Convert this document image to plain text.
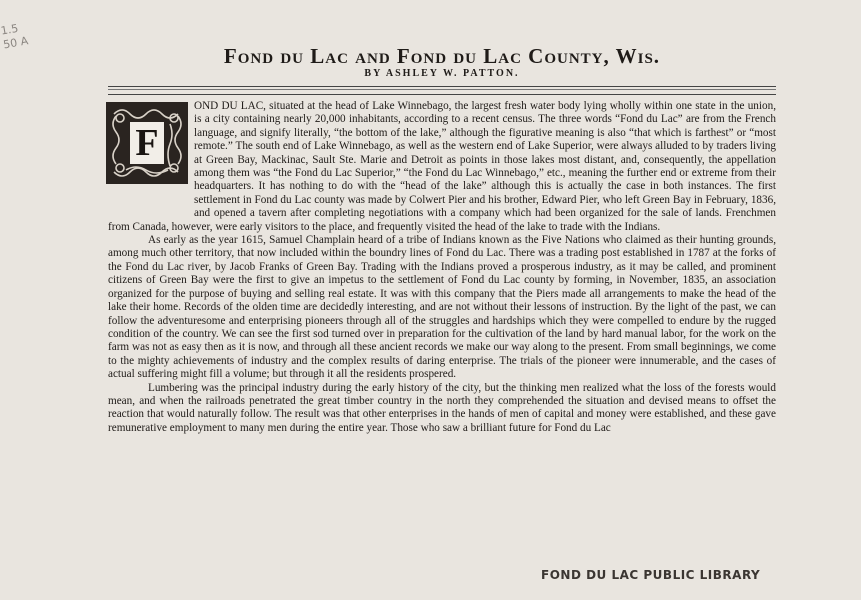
1.5 50 A
Fond du Lac and Fond du Lac County, Wis.
BY ASHLEY W. PATTON.
F

OND DU LAC, situated at the head of Lake Winnebago, the largest fresh water body lying wholly within one state in the union, is a city containing nearly 20,000 inhabitants, according to a recent census. The three words “Fond du Lac” are from the French language, and signify literally, “the bottom of the lake,” although the figurative meaning is also “that which is farthest” or “most remote.” The south end of Lake Winnebago, as well as the western end of Lake Superior, were always alluded to by traders living at Green Bay, Mackinac, Sault Ste. Marie and Detroit as points in those lakes most distant, and, consequently, the appellation among them was “the Fond du Lac Superior,” “the Fond du Lac Winnebago,” etc., meaning the further end or extreme from their headquarters. It has nothing to do with the “head of the lake” although this is actually the case in both instances. The first settlement in Fond du Lac county was made by Colwert Pier and his brother, Edward Pier, who left Green Bay in February, 1836, and opened a tavern after completing negotiations with a company which had been organized for the sale of lands. Frenchmen from Canada, however, were early visitors to the place, and frequently visited the head of the lake to trade with the Indians.

As early as the year 1615, Samuel Champlain heard of a tribe of Indians known as the Five Nations who claimed as their hunting grounds, among much other territory, that now included within the boundry lines of Fond du Lac. There was a trading post established in 1787 at the forks of the Fond du Lac river, by Jacob Franks of Green Bay. Trading with the Indians proved a prosperous industry, as it may be called, and prominent citizens of Green Bay were the first to give an impetus to the settlement of Fond du Lac county by forming, in November, 1835, an association organized for the purpose of buying and selling real estate. It was with this company that the Piers made all arrangements to make the head of the lake their home. Records of the olden time are decidedly interesting, and are not without their lessons of instruction. By the light of the past, we can follow the adventuresome and enterprising pioneers through all of the struggles and hardships which they were compelled to endure by the rugged condition of the country. We can see the first sod turned over in preparation for the cultivation of the land by hard manual labor, for the work on the farm was not as easy then as it is now, and through all these ancient records we make our way along to the present. From small beginnings, we come to the mighty achievements of industry and the complex results of daring enterprise. The trials of the pioneer were innumerable, and the cases of actual suffering might fill a volume; but through it all the residents prospered.

Lumbering was the principal industry during the early history of the city, but the thinking men realized what the loss of the forests would mean, and when the railroads penetrated the great timber country in the north they comprehended the situation and devised means to offset the reaction that would naturally follow. The result was that other enterprises in the hands of men of capital and money were established, and these gave remunerative employment to many men during the entire year. Those who saw a brilliant future for Fond du Lac

FOND DU LAC PUBLIC LIBRARY
